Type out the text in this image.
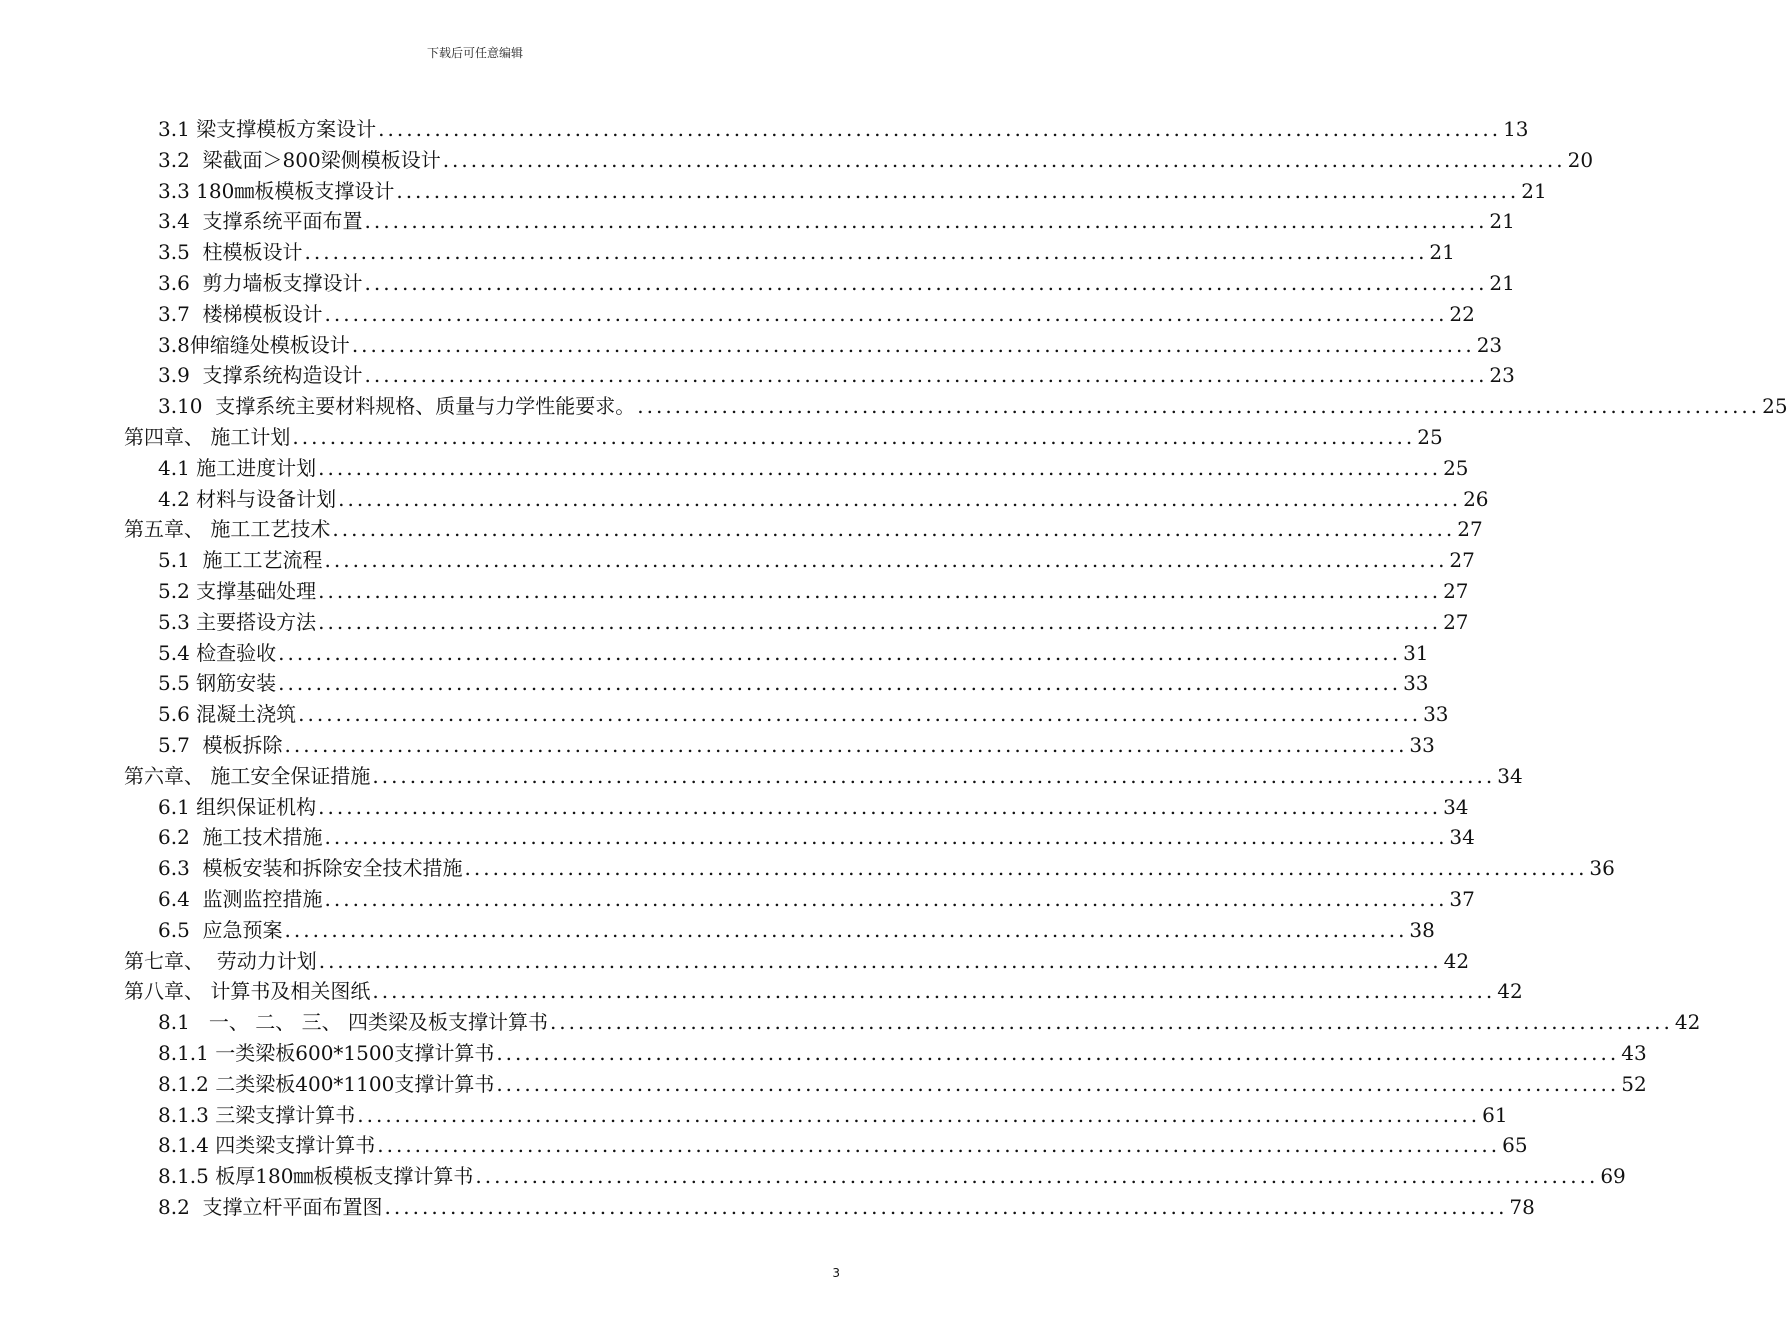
下载后可任意编辑
3.1 梁支撑模板方案设计 ........................................................................................................................ 13
3.2  梁截面＞800梁侧模板设计 ........................................................................................................................ 20
3.3 180㎜板模板支撑设计 ........................................................................................................................ 21
3.4  支撑系统平面布置 ........................................................................................................................ 21
3.5  柱模板设计 ........................................................................................................................ 21
3.6  剪力墙板支撑设计 ........................................................................................................................ 21
3.7  楼梯模板设计 ........................................................................................................................ 22
3.8伸缩缝处模板设计 ........................................................................................................................ 23
3.9  支撑系统构造设计 ........................................................................................................................ 23
3.10  支撑系统主要材料规格、质量与力学性能要求。 ........................................................................................................................ 25
第四章、 施工计划 ........................................................................................................................ 25
4.1 施工进度计划 ........................................................................................................................ 25
4.2 材料与设备计划 ........................................................................................................................ 26
第五章、 施工工艺技术 ........................................................................................................................ 27
5.1  施工工艺流程 ........................................................................................................................ 27
5.2 支撑基础处理 ........................................................................................................................ 27
5.3 主要搭设方法 ........................................................................................................................ 27
5.4 检查验收 ........................................................................................................................ 31
5.5 钢筋安装 ........................................................................................................................ 33
5.6 混凝土浇筑 ........................................................................................................................ 33
5.7  模板拆除 ........................................................................................................................ 33
第六章、 施工安全保证措施 ........................................................................................................................ 34
6.1 组织保证机构 ........................................................................................................................ 34
6.2  施工技术措施 ........................................................................................................................ 34
6.3  模板安装和拆除安全技术措施 ........................................................................................................................ 36
6.4  监测监控措施 ........................................................................................................................ 37
6.5  应急预案 ........................................................................................................................ 38
第七章、  劳动力计划 ........................................................................................................................ 42
第八章、 计算书及相关图纸 ........................................................................................................................ 42
8.1   一、 二、 三、 四类梁及板支撑计算书 ........................................................................................................................ 42
8.1.1 一类梁板600*1500支撑计算书 ........................................................................................................................ 43
8.1.2 二类梁板400*1100支撑计算书 ........................................................................................................................ 52
8.1.3 三梁支撑计算书 ........................................................................................................................ 61
8.1.4 四类梁支撑计算书 ........................................................................................................................ 65
8.1.5 板厚180㎜板模板支撑计算书 ........................................................................................................................ 69
8.2  支撑立杆平面布置图 ........................................................................................................................ 78
3
